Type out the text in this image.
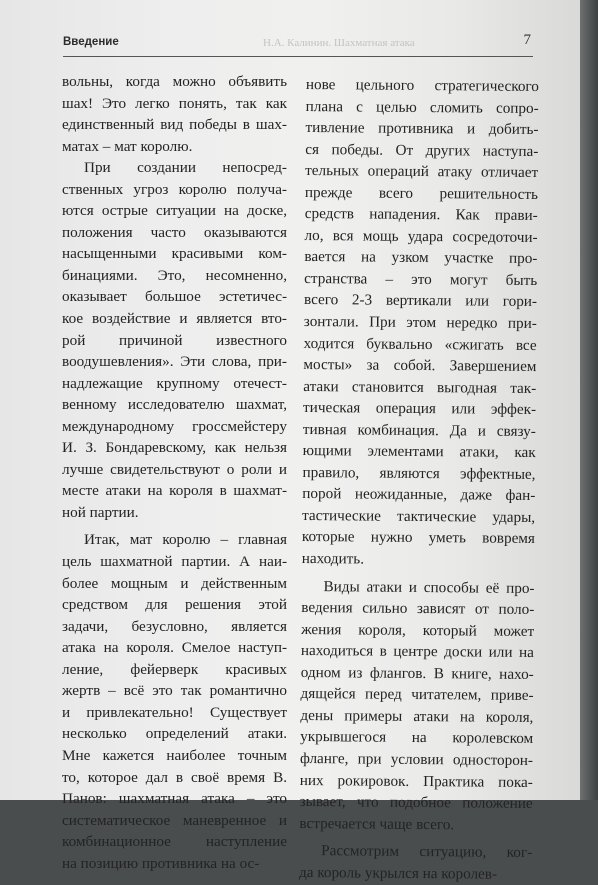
Введение	Н.А. Калинин. Шахматная атака	7
вольны, когда можно объявить
шах! Это легко понять, так как
единственный вид победы в шах-
матах – мат королю.
При создании непосред-
ственных угроз королю получа-
ются острые ситуации на доске,
положения часто оказываются
насыщенными красивыми ком-
бинациями. Это, несомненно,
оказывает большое эстетичес-
кое воздействие и является вто-
рой причиной известного
воодушевления». Эти слова, при-
надлежащие крупному отечест-
венному исследователю шахмат,
международному гроссмейстеру
И. З. Бондаревскому, как нельзя
лучше свидетельствуют о роли и
месте атаки на короля в шахмат-
ной партии.
Итак, мат королю – главная
цель шахматной партии. А наи-
более мощным и действенным
средством для решения этой
задачи, безусловно, является
атака на короля. Смелое наступ-
ление, фейерверк красивых
жертв – всё это так романтично
и привлекательно! Существует
несколько определений атаки.
Мне кажется наиболее точным
то, которое дал в своё время В.
Панов: шахматная атака – это
систематическое маневренное и
комбинационное наступление
на позицию противника на ос-
нове цельного стратегического
плана с целью сломить сопро-
тивление противника и добить-
ся победы. От других наступа-
тельных операций атаку отличает
прежде всего решительность
средств нападения. Как прави-
ло, вся мощь удара сосредоточи-
вается на узком участке про-
странства – это могут быть
всего 2-3 вертикали или гори-
зонтали. При этом нередко при-
ходится буквально «сжигать все
мосты» за собой. Завершением
атаки становится выгодная так-
тическая операция или эффек-
тивная комбинация. Да и связу-
ющими элементами атаки, как
правило, являются эффектные,
порой неожиданные, даже фан-
тастические тактические удары,
которые нужно уметь вовремя
находить.
Виды атаки и способы её про-
ведения сильно зависят от поло-
жения короля, который может
находиться в центре доски или на
одном из флангов. В книге, нахо-
дящейся перед читателем, приве-
дены примеры атаки на короля,
укрывшегося на королевском
фланге, при условии односторон-
них рокировок. Практика пока-
зывает, что подобное положение
встречается чаще всего.
Рассмотрим ситуацию, ког-
да король укрылся на королев-
